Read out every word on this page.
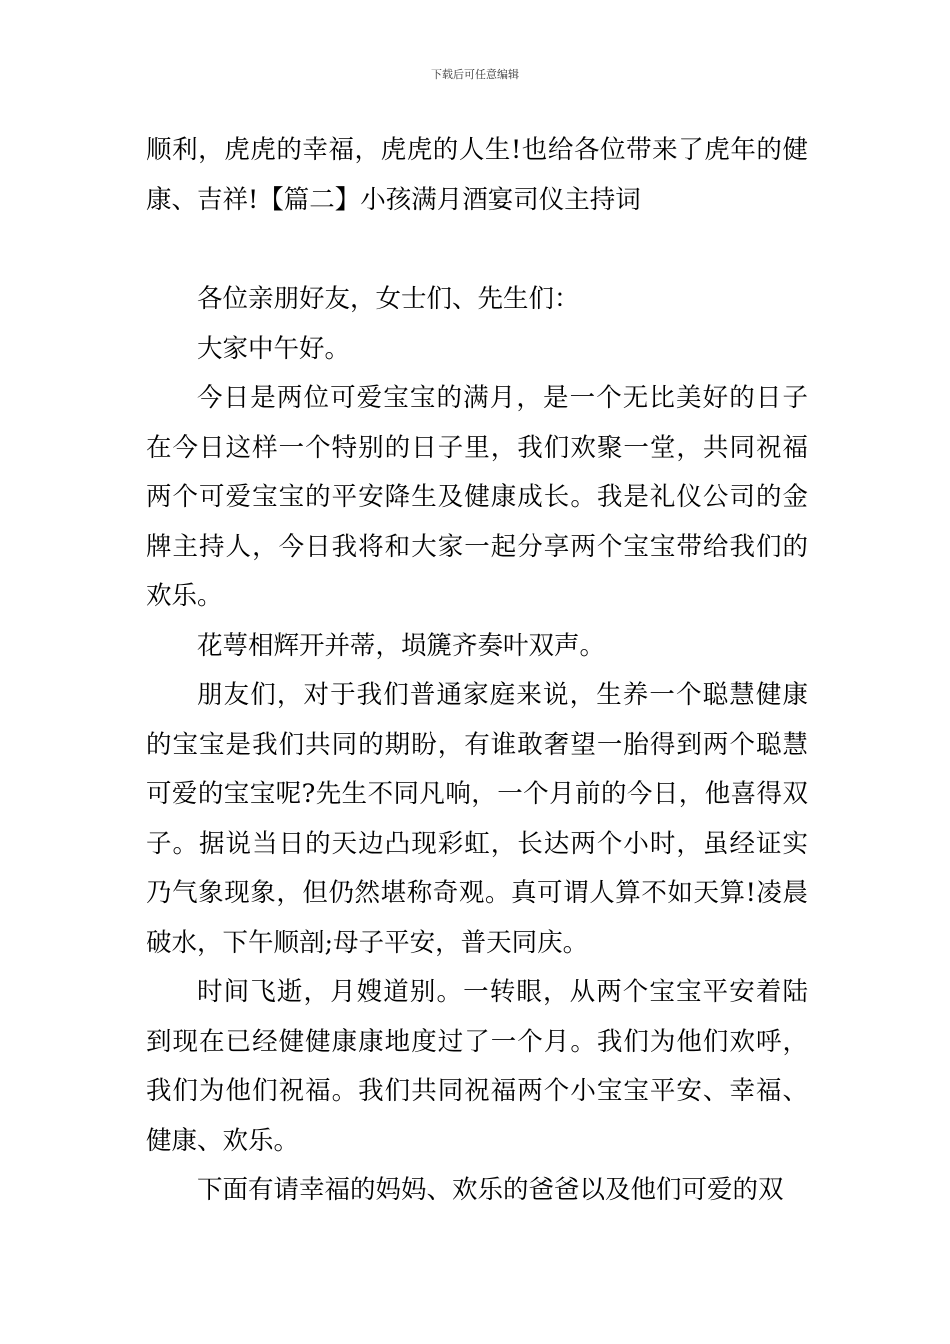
下载后可任意编辑

顺利，虎虎的幸福，虎虎的人生!也给各位带来了虎年的健康、吉祥!【篇二】小孩满月酒宴司仪主持词

各位亲朋好友，女士们、先生们：

大家中午好。

今日是两位可爱宝宝的满月，是一个无比美好的日子在今日这样一个特别的日子里，我们欢聚一堂，共同祝福两个可爱宝宝的平安降生及健康成长。我是礼仪公司的金牌主持人，今日我将和大家一起分享两个宝宝带给我们的欢乐。

花萼相辉开并蒂，埙篪齐奏叶双声。

朋友们，对于我们普通家庭来说，生养一个聪慧健康的宝宝是我们共同的期盼，有谁敢奢望一胎得到两个聪慧可爱的宝宝呢?先生不同凡响，一个月前的今日，他喜得双子。据说当日的天边凸现彩虹，长达两个小时，虽经证实乃气象现象，但仍然堪称奇观。真可谓人算不如天算!凌晨破水，下午顺剖;母子平安，普天同庆。

时间飞逝，月嫂道别。一转眼，从两个宝宝平安着陆到现在已经健健康康地度过了一个月。我们为他们欢呼，我们为他们祝福。我们共同祝福两个小宝宝平安、幸福、健康、欢乐。

下面有请幸福的妈妈、欢乐的爸爸以及他们可爱的双
